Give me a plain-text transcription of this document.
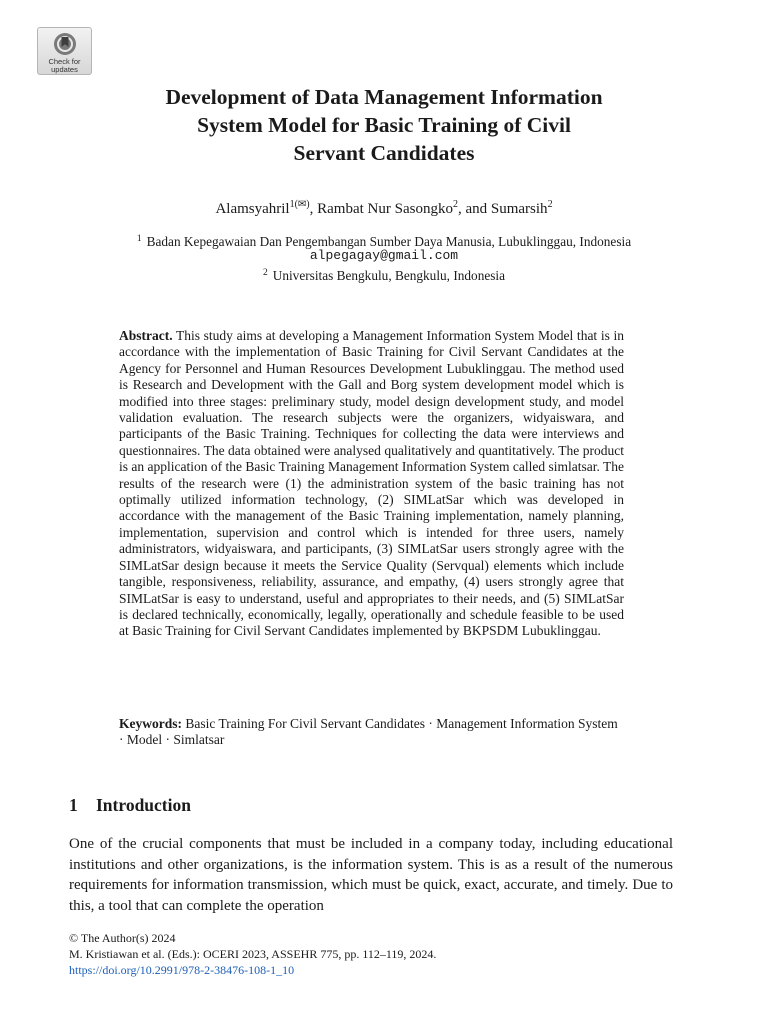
Check for
updates
Development of Data Management Information
System Model for Basic Training of Civil
Servant Candidates
Alamsyahril$^{1(✉)}$, Rambat Nur Sasongko$^2$, and Sumarsih$^2$
$^1$ Badan Kepegawaian Dan Pengembangan Sumber Daya Manusia, Lubuklinggau, Indonesia
alpegagay@gmail.com
$^2$ Universitas Bengkulu, Bengkulu, Indonesia

Abstract. This study aims at developing a Management Information System Model that is in accordance with the implementation of Basic Training for Civil Servant Candidates at the Agency for Personnel and Human Resources Development Lubuklinggau. The method used is Research and Development with the Gall and Borg system development model which is modified into three stages: preliminary study, model design development study, and model validation evaluation. The research subjects were the organizers, widyaiswara, and participants of the Basic Training. Techniques for collecting the data were interviews and questionnaires. The data obtained were analysed qualitatively and quantitatively. The product is an application of the Basic Training Management Information System called simlatsar. The results of the research were (1) the administration system of the basic training has not optimally utilized information technology, (2) SIMLatSar which was developed in accordance with the management of the Basic Training implementation, namely planning, implementation, supervision and control which is intended for three users, namely administrators, widyaiswara, and participants, (3) SIMLatSar users strongly agree with the SIMLatSar design because it meets the Service Quality (Servqual) elements which include tangible, responsiveness, reliability, assurance, and empathy, (4) users strongly agree that SIMLatSar is easy to understand, useful and appropriates to their needs, and (5) SIMLatSar is declared technically, economically, legally, operationally and schedule feasible to be used at Basic Training for Civil Servant Candidates implemented by BKPSDM Lubuklinggau.

Keywords: Basic Training For Civil Servant Candidates · Management Information System · Model · Simlatsar
1 Introduction

One of the crucial components that must be included in a company today, including educational institutions and other organizations, is the information system. This is as a result of the numerous requirements for information transmission, which must be quick, exact, accurate, and timely. Due to this, a tool that can complete the operation

© The Author(s) 2024
M. Kristiawan et al. (Eds.): OCERI 2023, ASSEHR 775, pp. 112–119, 2024.
https://doi.org/10.2991/978-2-38476-108-1_10
